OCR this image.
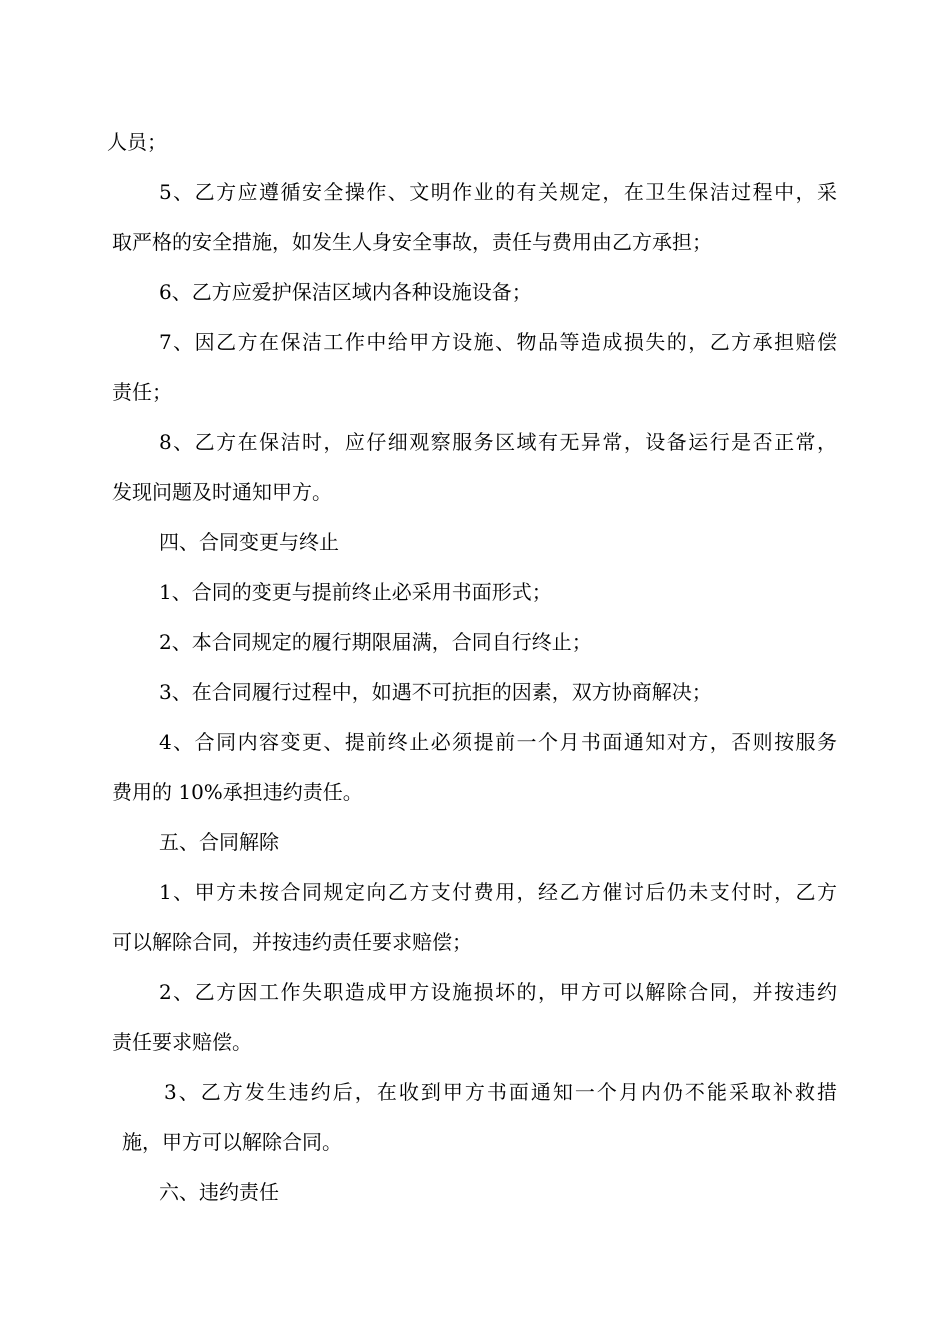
人员；
5、乙方应遵循安全操作、文明作业的有关规定，在卫生保洁过程中，采
取严格的安全措施，如发生人身安全事故，责任与费用由乙方承担；
6、乙方应爱护保洁区域内各种设施设备；
7、因乙方在保洁工作中给甲方设施、物品等造成损失的，乙方承担赔偿
责任；
8、乙方在保洁时，应仔细观察服务区域有无异常，设备运行是否正常，
发现问题及时通知甲方。
四、合同变更与终止
1、合同的变更与提前终止必采用书面形式；
2、本合同规定的履行期限届满，合同自行终止；
3、在合同履行过程中，如遇不可抗拒的因素，双方协商解决；
4、合同内容变更、提前终止必须提前一个月书面通知对方，否则按服务
费用的 10%承担违约责任。
五、合同解除
1、甲方未按合同规定向乙方支付费用，经乙方催讨后仍未支付时，乙方
可以解除合同，并按违约责任要求赔偿；
2、乙方因工作失职造成甲方设施损坏的，甲方可以解除合同，并按违约
责任要求赔偿。
3、乙方发生违约后，在收到甲方书面通知一个月内仍不能采取补救措
施，甲方可以解除合同。
六、违约责任
